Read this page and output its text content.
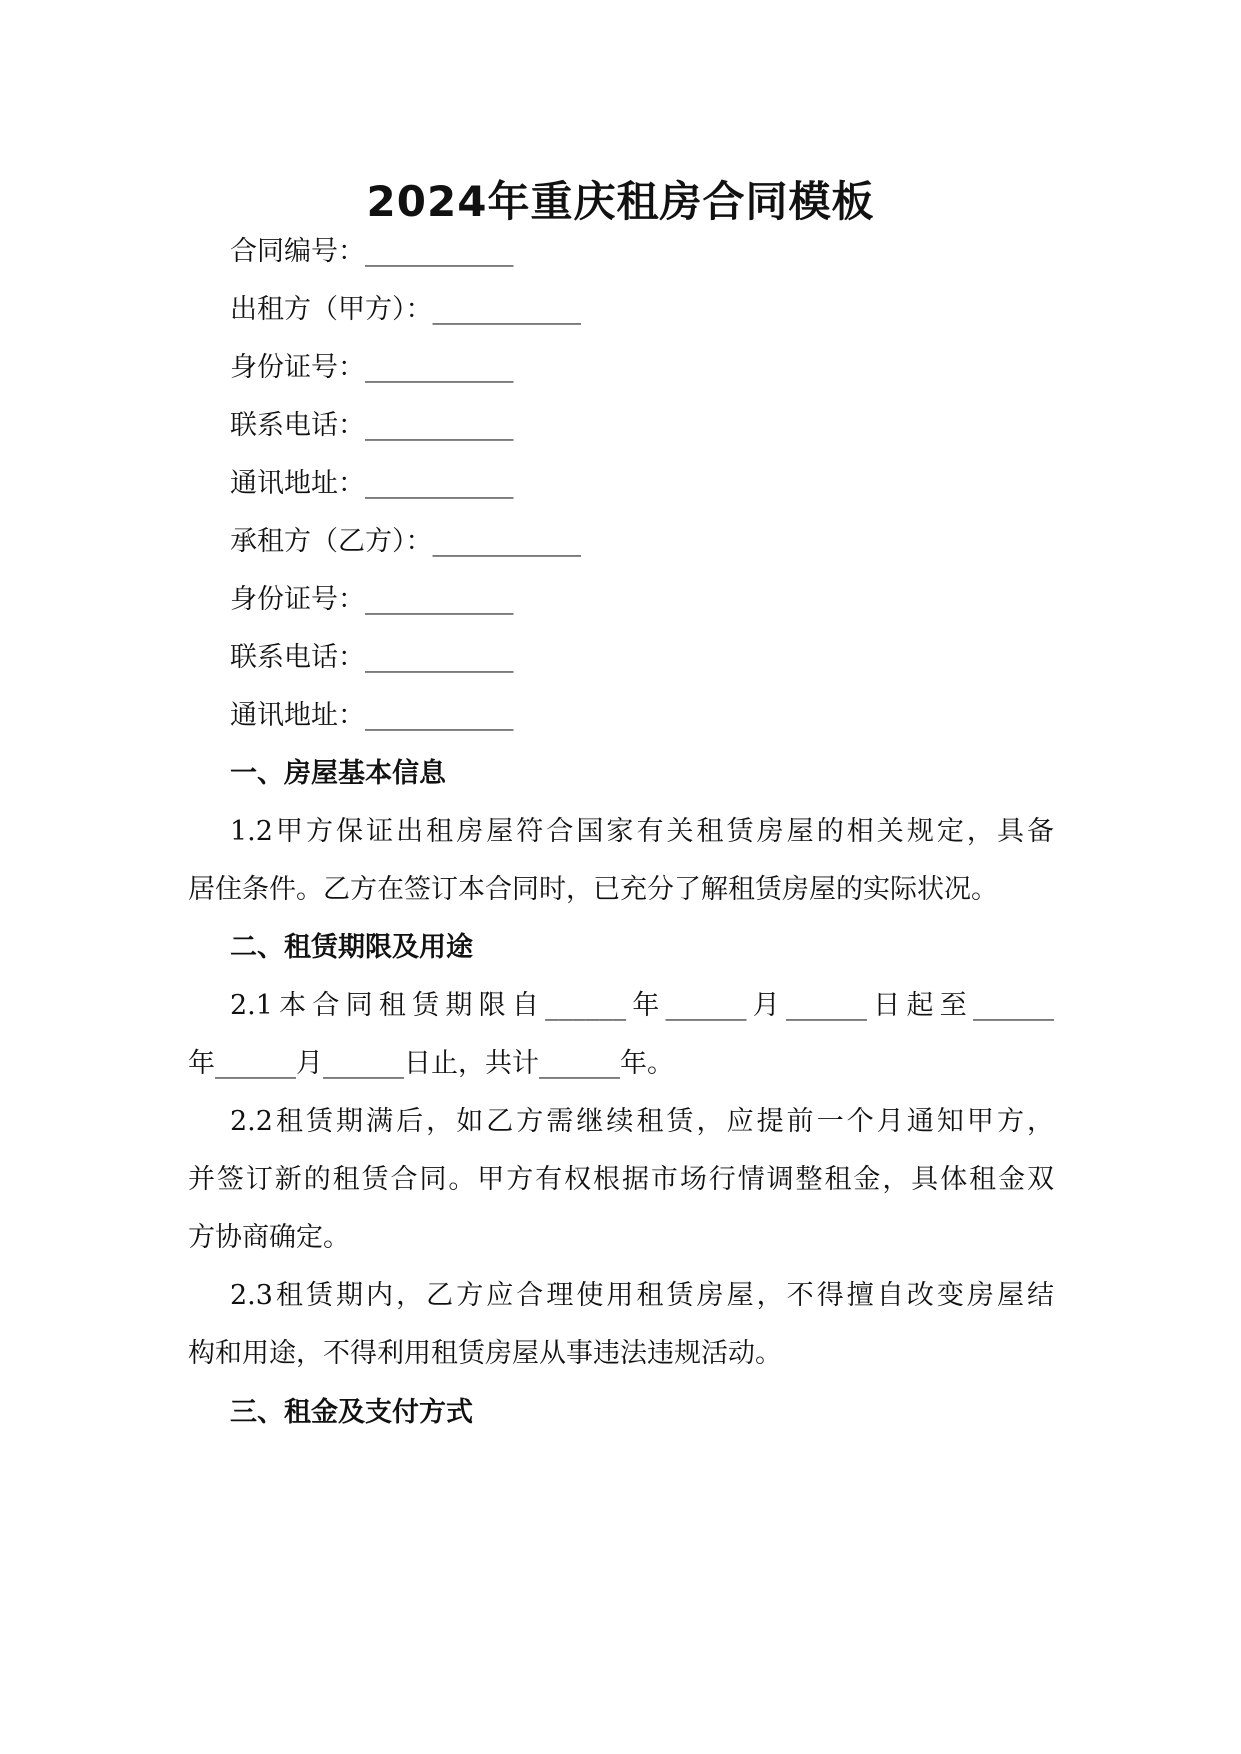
2024年重庆租房合同模板
合同编号：___________
出租方（甲方）：___________
身份证号：___________
联系电话：___________
通讯地址：___________
承租方（乙方）：___________
身份证号：___________
联系电话：___________
通讯地址：___________
一、房屋基本信息
1.2甲方保证出租房屋符合国家有关租赁房屋的相关规定，具备
居住条件。乙方在签订本合同时，已充分了解租赁房屋的实际状况。
二、租赁期限及用途
2.1本合同租赁期限自______年______月______日起至______
年______月______日止，共计______年。
2.2租赁期满后，如乙方需继续租赁，应提前一个月通知甲方，
并签订新的租赁合同。甲方有权根据市场行情调整租金，具体租金双
方协商确定。
2.3租赁期内，乙方应合理使用租赁房屋，不得擅自改变房屋结
构和用途，不得利用租赁房屋从事违法违规活动。
三、租金及支付方式
